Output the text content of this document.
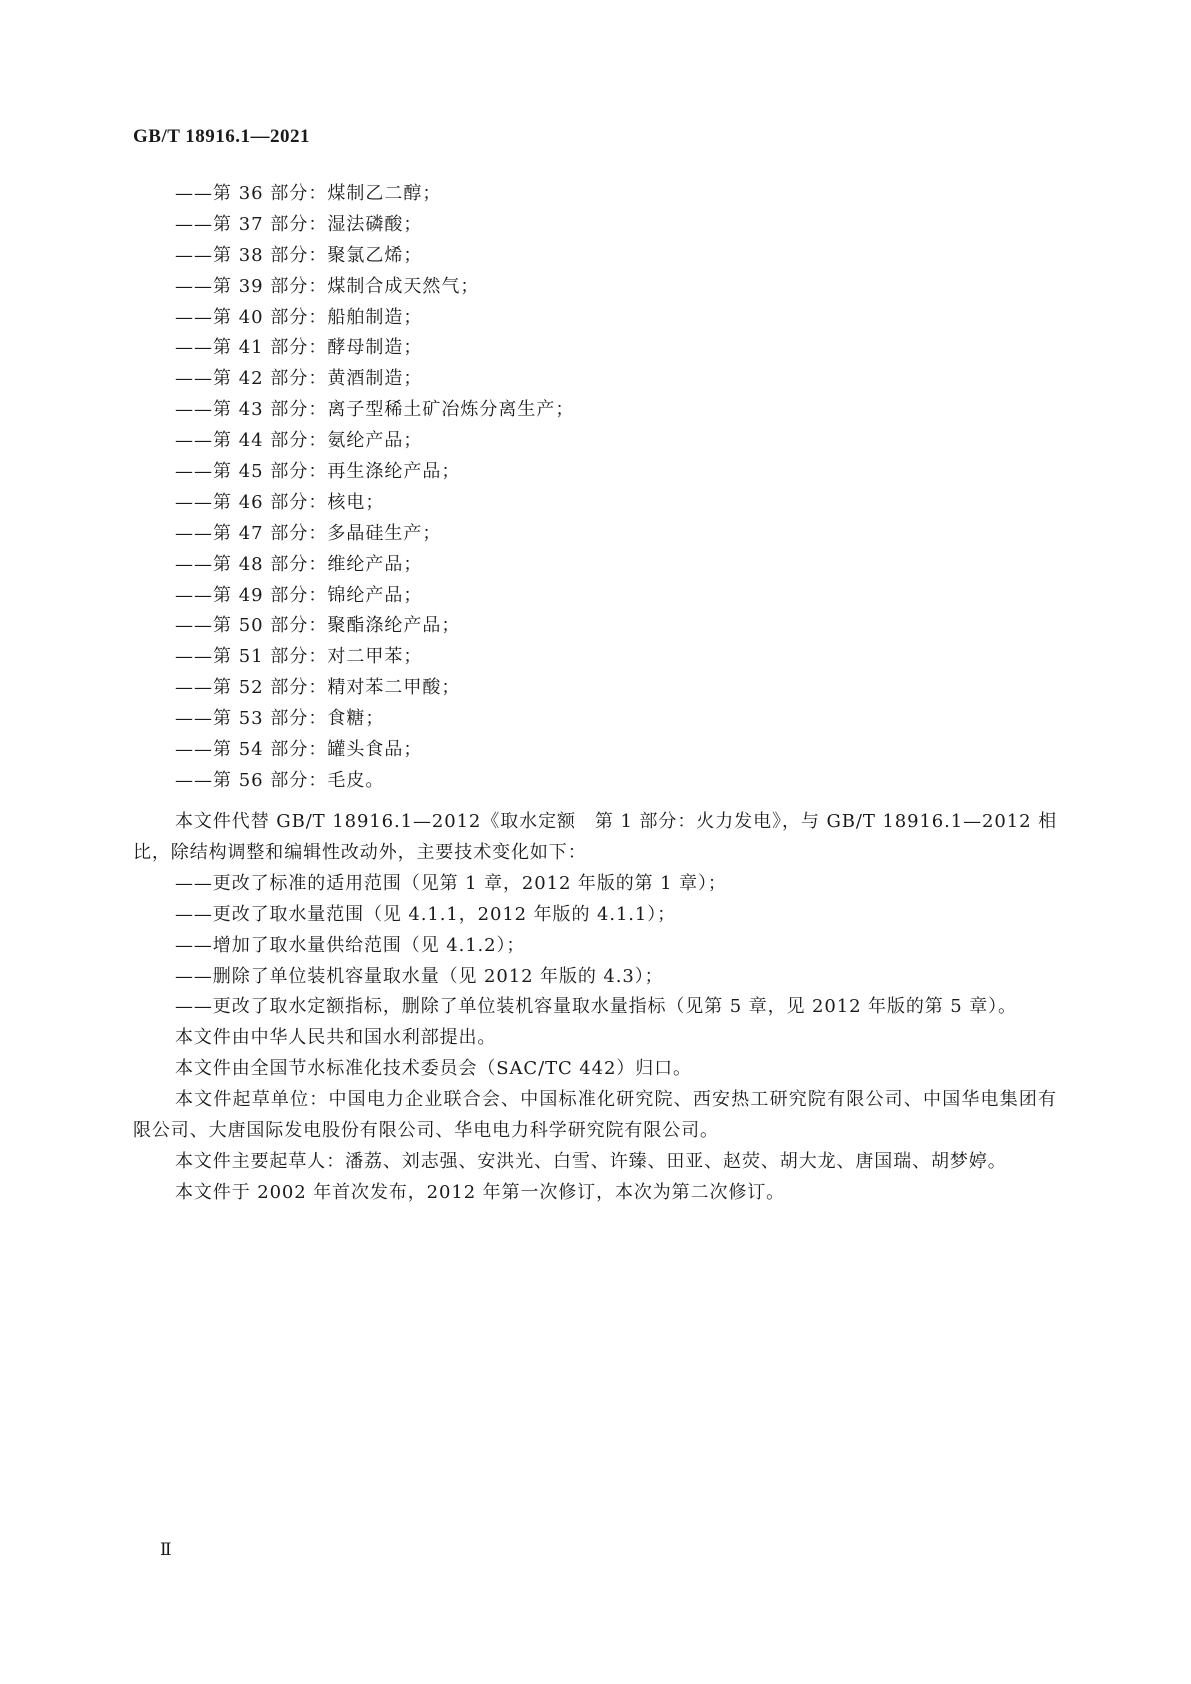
GB/T 18916.1—2021

——第 36 部分：煤制乙二醇；
——第 37 部分：湿法磷酸；
——第 38 部分：聚氯乙烯；
——第 39 部分：煤制合成天然气；
——第 40 部分：船舶制造；
——第 41 部分：酵母制造；
——第 42 部分：黄酒制造；
——第 43 部分：离子型稀土矿冶炼分离生产；
——第 44 部分：氨纶产品；
——第 45 部分：再生涤纶产品；
——第 46 部分：核电；
——第 47 部分：多晶硅生产；
——第 48 部分：维纶产品；
——第 49 部分：锦纶产品；
——第 50 部分：聚酯涤纶产品；
——第 51 部分：对二甲苯；
——第 52 部分：精对苯二甲酸；
——第 53 部分：食糖；
——第 54 部分：罐头食品；
——第 56 部分：毛皮。

本文件代替 GB/T 18916.1—2012《取水定额　第 1 部分：火力发电》，与 GB/T 18916.1—2012 相比，除结构调整和编辑性改动外，主要技术变化如下：

——更改了标准的适用范围（见第 1 章，2012 年版的第 1 章）；
——更改了取水量范围（见 4.1.1，2012 年版的 4.1.1）；
——增加了取水量供给范围（见 4.1.2）；
——删除了单位装机容量取水量（见 2012 年版的 4.3）；
——更改了取水定额指标，删除了单位装机容量取水量指标（见第 5 章，见 2012 年版的第 5 章）。

本文件由中华人民共和国水利部提出。

本文件由全国节水标准化技术委员会（SAC/TC 442）归口。

本文件起草单位：中国电力企业联合会、中国标准化研究院、西安热工研究院有限公司、中国华电集团有限公司、大唐国际发电股份有限公司、华电电力科学研究院有限公司。

本文件主要起草人：潘荔、刘志强、安洪光、白雪、许臻、田亚、赵荧、胡大龙、唐国瑞、胡梦婷。

本文件于 2002 年首次发布，2012 年第一次修订，本次为第二次修订。

Ⅱ
